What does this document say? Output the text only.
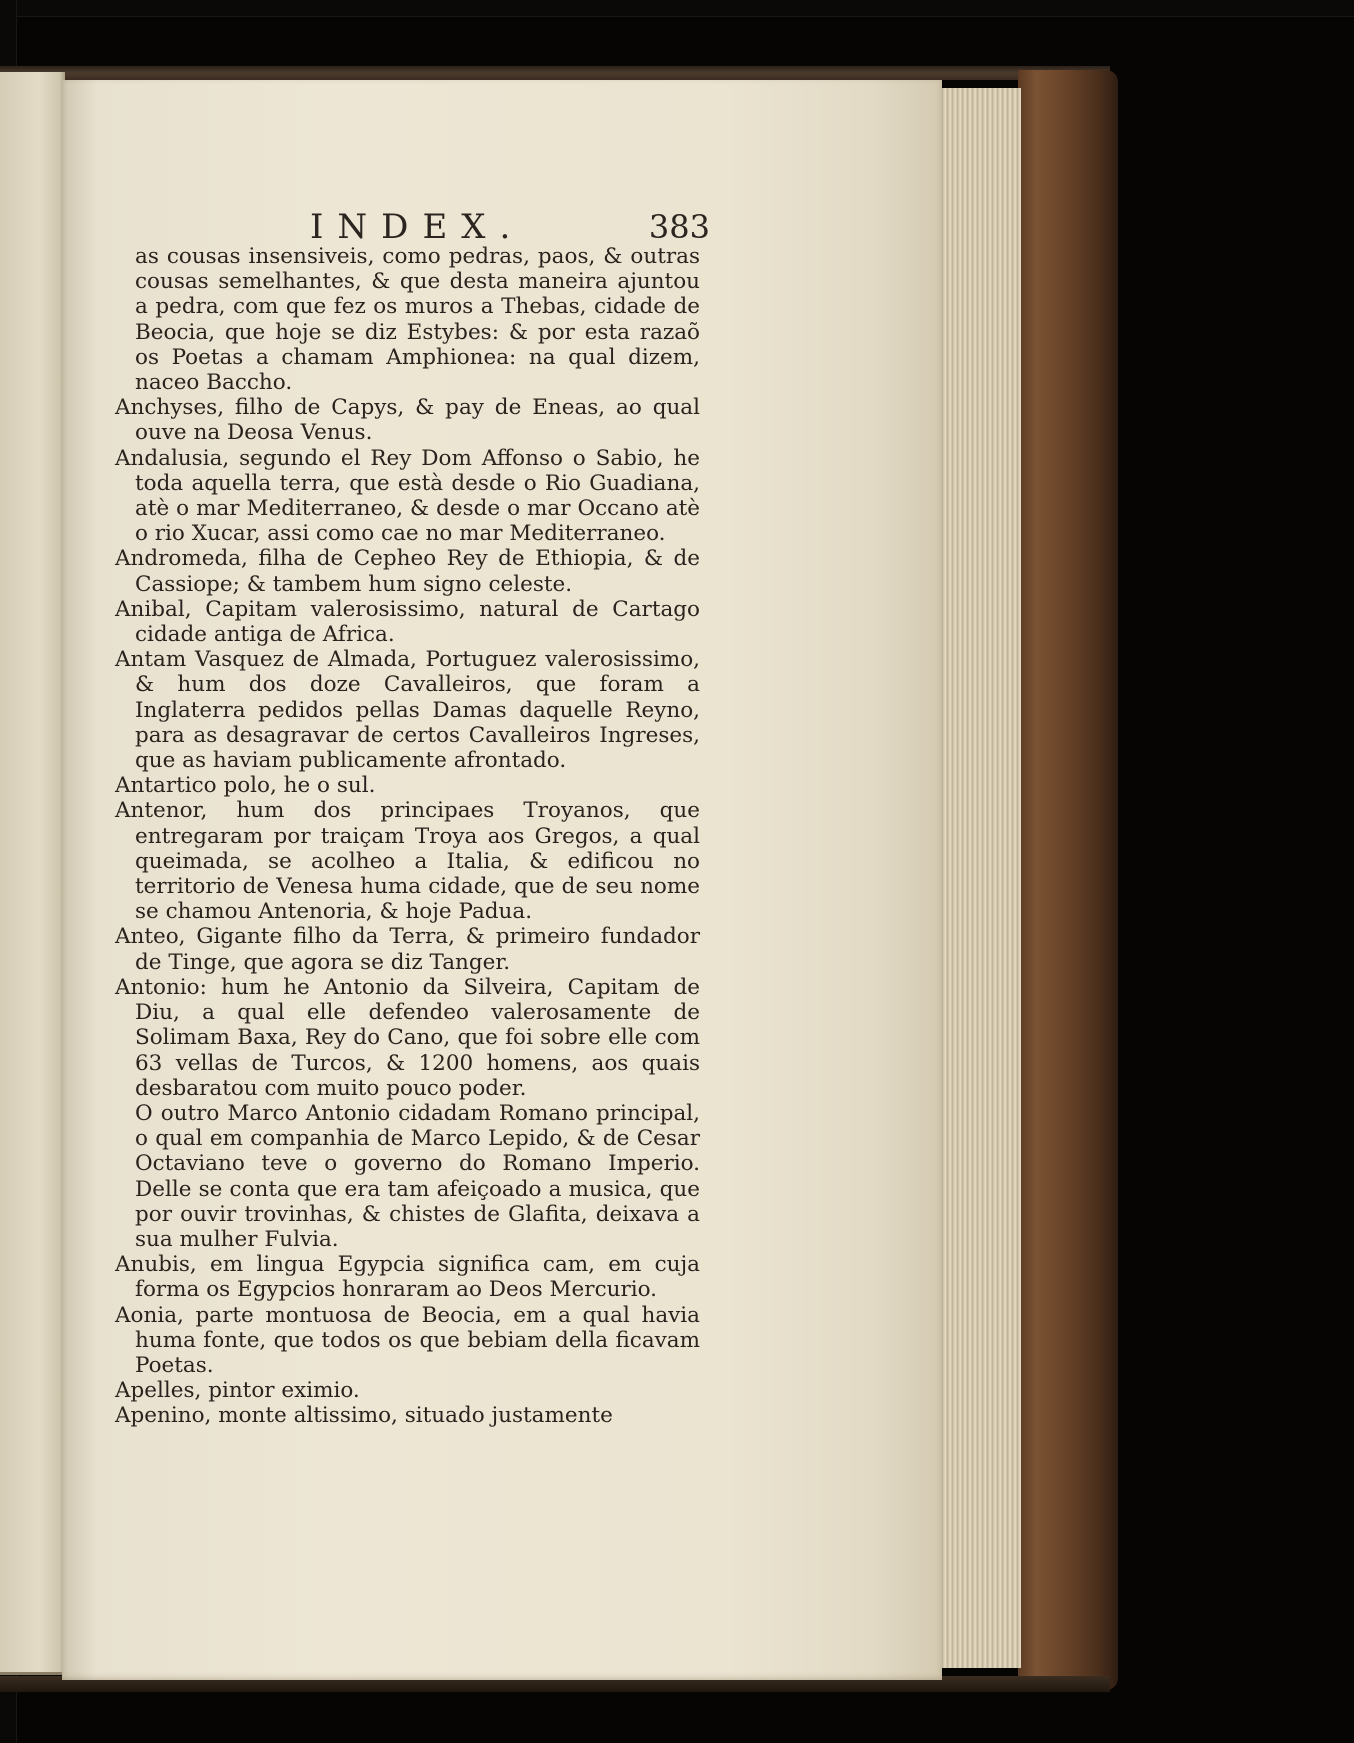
INDEX.	383

as cousas insensiveis, como pedras, paos, & outras cousas semelhantes, & que desta maneira ajuntou a pedra, com que fez os muros a Thebas, cidade de Beocia, que hoje se diz Estybes: & por esta razaõ os Poetas a chamam Amphionea: na qual dizem, naceo Baccho.

Anchyses, filho de Capys, & pay de Eneas, ao qual ouve na Deosa Venus.

Andalusia, segundo el Rey Dom Affonso o Sabio, he toda aquella terra, que està desde o Rio Guadiana, atè o mar Mediterraneo, & desde o mar Occano atè o rio Xucar, assi como cae no mar Mediterraneo.

Andromeda, filha de Cepheo Rey de Ethiopia, & de Cassiope; & tambem hum signo celeste.

Anibal, Capitam valerosissimo, natural de Cartago cidade antiga de Africa.

Antam Vasquez de Almada, Portuguez valerosissimo, & hum dos doze Cavalleiros, que foram a Inglaterra pedidos pellas Damas daquelle Reyno, para as desagravar de certos Cavalleiros Ingreses, que as haviam publicamente afrontado.

Antartico polo, he o sul.

Antenor, hum dos principaes Troyanos, que entregaram por traiçam Troya aos Gregos, a qual queimada, se acolheo a Italia, & edificou no territorio de Venesa huma cidade, que de seu nome se chamou Antenoria, & hoje Padua.

Anteo, Gigante filho da Terra, & primeiro fundador de Tinge, que agora se diz Tanger.

Antonio: hum he Antonio da Silveira, Capitam de Diu, a qual elle defendeo valerosamente de Solimam Baxa, Rey do Cano, que foi sobre elle com 63 vellas de Turcos, & 1200 homens, aos quais desbaratou com muito pouco poder.

O outro Marco Antonio cidadam Romano principal, o qual em companhia de Marco Lepido, & de Cesar Octaviano teve o governo do Romano Imperio. Delle se conta que era tam afeiçoado a musica, que por ouvir trovinhas, & chistes de Glafita, deixava a sua mulher Fulvia.

Anubis, em lingua Egypcia significa cam, em cuja forma os Egypcios honraram ao Deos Mercurio.

Aonia, parte montuosa de Beocia, em a qual havia huma fonte, que todos os que bebiam della ficavam Poetas.

Apelles, pintor eximio.

Apenino, monte altissimo, situado justamente
